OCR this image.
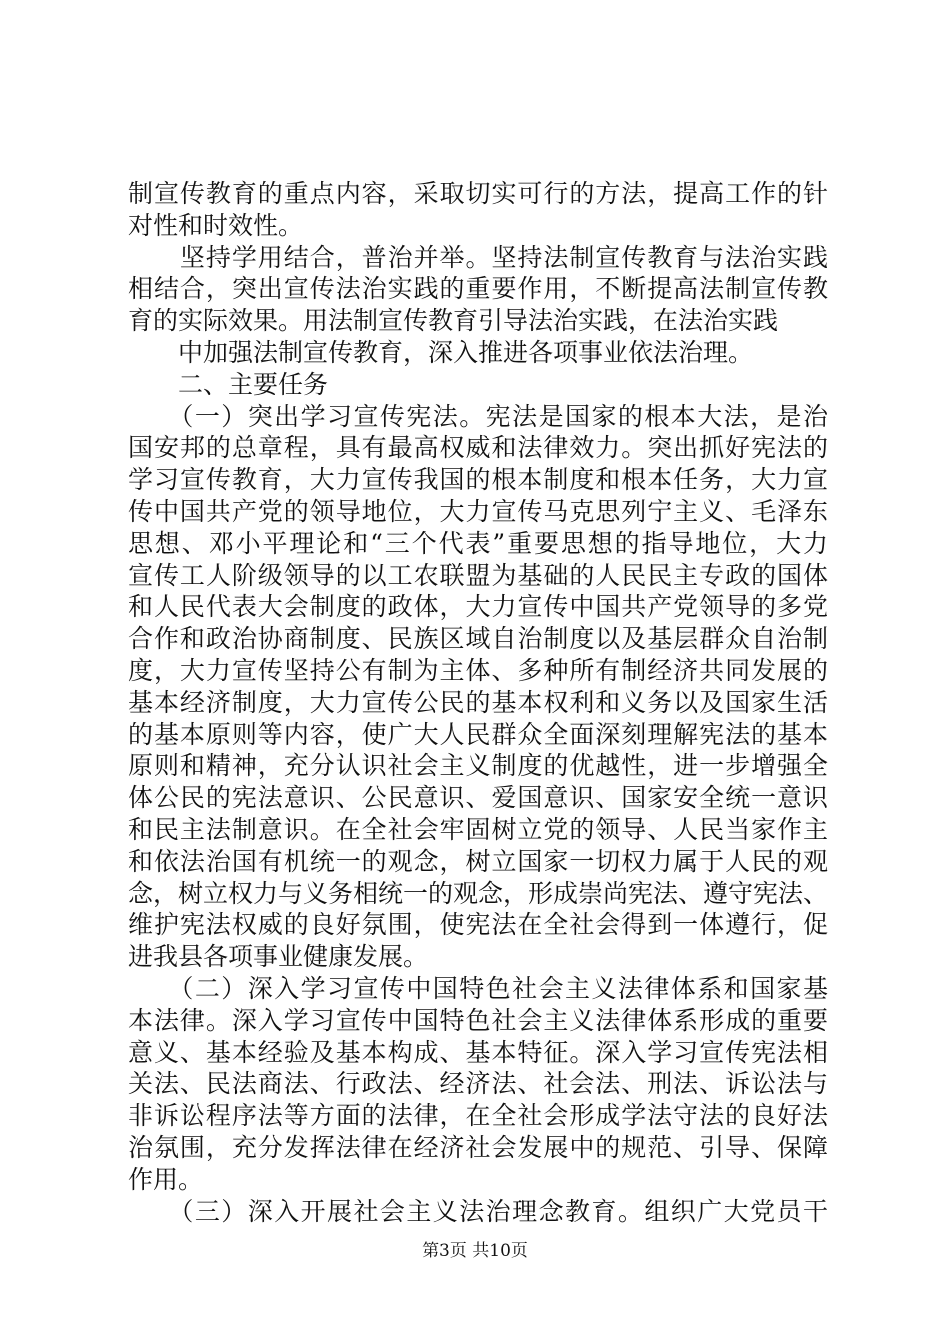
制宣传教育的重点内容，采取切实可行的方法，提高工作的针
对性和时效性。
　　坚持学用结合，普治并举。坚持法制宣传教育与法治实践
相结合，突出宣传法治实践的重要作用，不断提高法制宣传教
育的实际效果。用法制宣传教育引导法治实践，在法治实践
　　中加强法制宣传教育，深入推进各项事业依法治理。
　　二、主要任务
　　（一）突出学习宣传宪法。宪法是国家的根本大法，是治
国安邦的总章程，具有最高权威和法律效力。突出抓好宪法的
学习宣传教育，大力宣传我国的根本制度和根本任务，大力宣
传中国共产党的领导地位，大力宣传马克思列宁主义、毛泽东
思想、邓小平理论和“三个代表”重要思想的指导地位，大力
宣传工人阶级领导的以工农联盟为基础的人民民主专政的国体
和人民代表大会制度的政体，大力宣传中国共产党领导的多党
合作和政治协商制度、民族区域自治制度以及基层群众自治制
度，大力宣传坚持公有制为主体、多种所有制经济共同发展的
基本经济制度，大力宣传公民的基本权利和义务以及国家生活
的基本原则等内容，使广大人民群众全面深刻理解宪法的基本
原则和精神，充分认识社会主义制度的优越性，进一步增强全
体公民的宪法意识、公民意识、爱国意识、国家安全统一意识
和民主法制意识。在全社会牢固树立党的领导、人民当家作主
和依法治国有机统一的观念，树立国家一切权力属于人民的观
念，树立权力与义务相统一的观念，形成崇尚宪法、遵守宪法、
维护宪法权威的良好氛围，使宪法在全社会得到一体遵行，促
进我县各项事业健康发展。
　　（二）深入学习宣传中国特色社会主义法律体系和国家基
本法律。深入学习宣传中国特色社会主义法律体系形成的重要
意义、基本经验及基本构成、基本特征。深入学习宣传宪法相
关法、民法商法、行政法、经济法、社会法、刑法、诉讼法与
非诉讼程序法等方面的法律，在全社会形成学法守法的良好法
治氛围，充分发挥法律在经济社会发展中的规范、引导、保障
作用。
　　（三）深入开展社会主义法治理念教育。组织广大党员干
第3页 共10页
